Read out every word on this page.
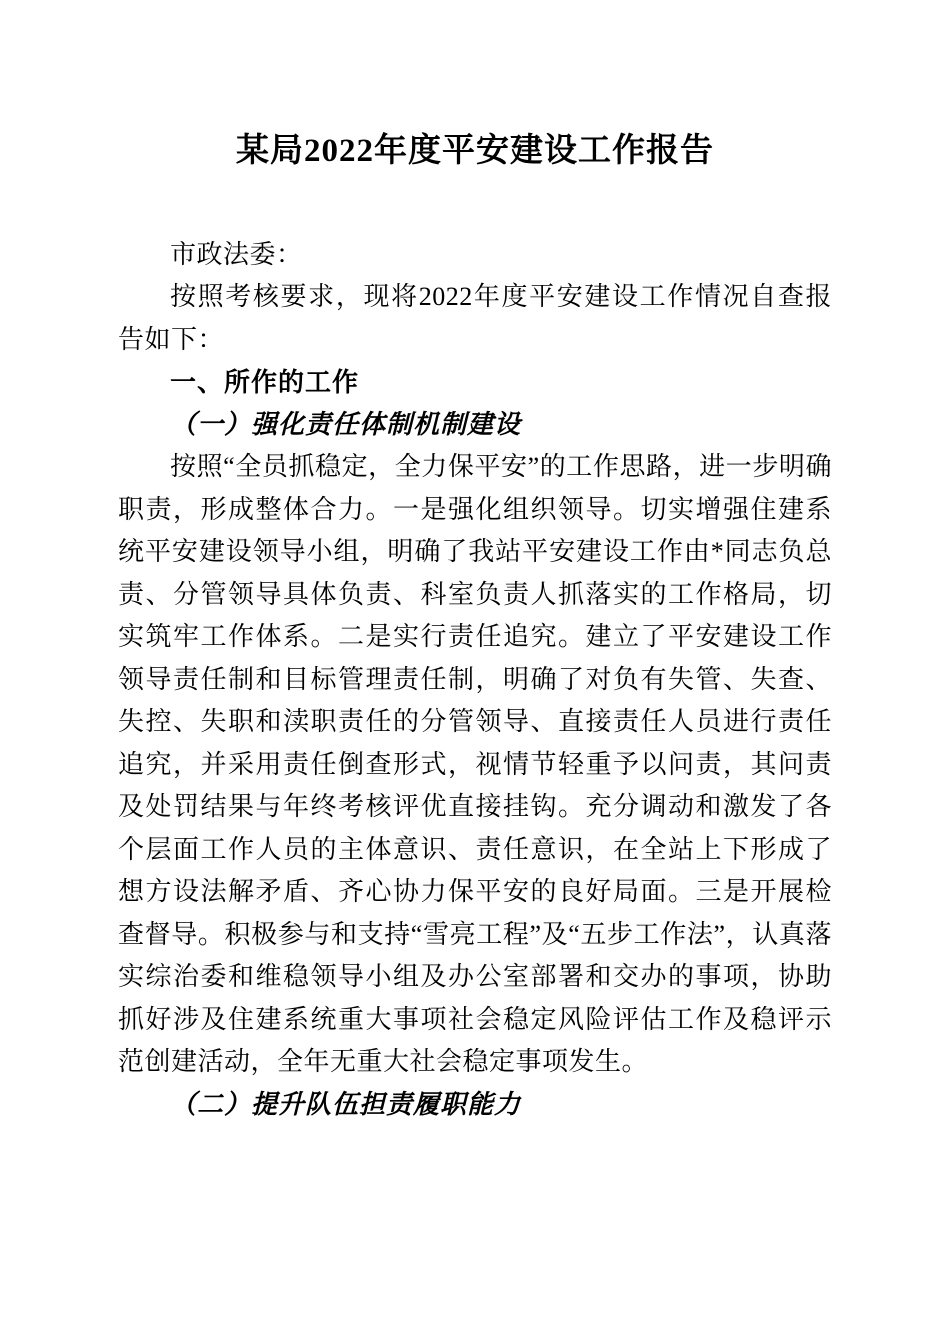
某局2022年度平安建设工作报告

市政法委：

按照考核要求，现将2022年度平安建设工作情况自查报告如下：

一、所作的工作

（一）强化责任体制机制建设

按照“全员抓稳定，全力保平安”的工作思路，进一步明确职责，形成整体合力。一是强化组织领导。切实增强住建系统平安建设领导小组，明确了我站平安建设工作由*同志负总责、分管领导具体负责、科室负责人抓落实的工作格局，切实筑牢工作体系。二是实行责任追究。建立了平安建设工作领导责任制和目标管理责任制，明确了对负有失管、失查、失控、失职和渎职责任的分管领导、直接责任人员进行责任追究，并采用责任倒查形式，视情节轻重予以问责，其问责及处罚结果与年终考核评优直接挂钩。充分调动和激发了各个层面工作人员的主体意识、责任意识，在全站上下形成了想方设法解矛盾、齐心协力保平安的良好局面。三是开展检查督导。积极参与和支持“雪亮工程”及“五步工作法”，认真落实综治委和维稳领导小组及办公室部署和交办的事项，协助抓好涉及住建系统重大事项社会稳定风险评估工作及稳评示范创建活动，全年无重大社会稳定事项发生。

（二）提升队伍担责履职能力
